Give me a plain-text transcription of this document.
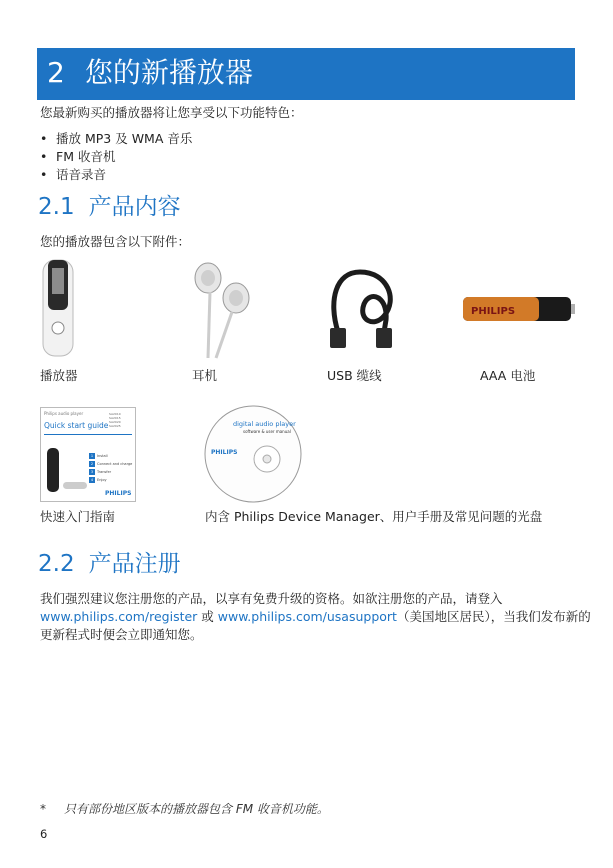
2 您的新播放器
您最新购买的播放器将让您享受以下功能特色：
• 播放 MP3 及 WMA 音乐
• FM 收音机
• 语音录音
2.1 产品内容
您的播放器包含以下附件：
PHILIPS
播放器	耳机	USB 缆线	AAA 电池
Philips audio player
Quick start guide
SA2010
SA2015
SA2020
SA2025
1 Install
2 Connect and charge
3 Transfer
4 Enjoy
PHILIPS
digital audio player
software & user manual
PHILIPS
快速入门指南	内含 Philips Device Manager、用户手册及常见问题的光盘
2.2 产品注册
我们强烈建议您注册您的产品，以享有免费升级的资格。如欲注册您的产品，请登入
www.philips.com/register 或 www.philips.com/usasupport（美国地区居民），当我们发布新的
更新程式时便会立即通知您。
* 只有部份地区版本的播放器包含 FM 收音机功能。
6
